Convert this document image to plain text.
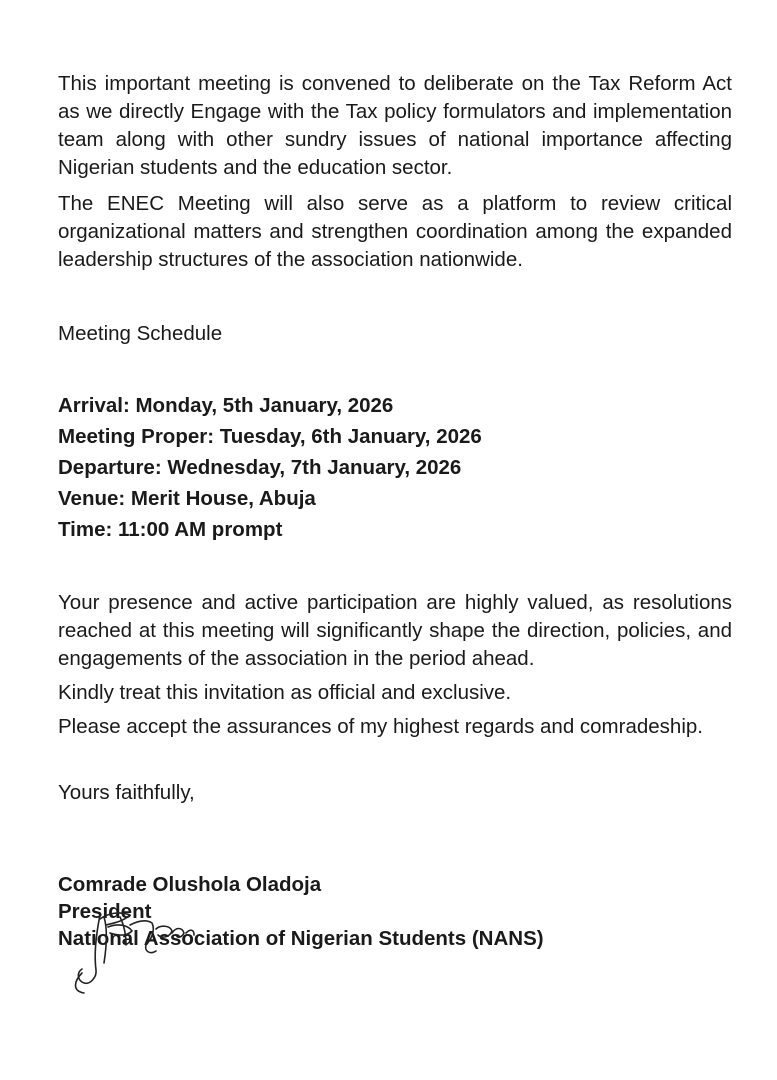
This important meeting is convened to deliberate on the Tax Reform Act as we directly Engage with the Tax policy formulators and implementation team along with other sundry issues of national importance affecting Nigerian students and the education sector.

The ENEC Meeting will also serve as a platform to review critical organizational matters and strengthen coordination among the expanded leadership structures of the association nationwide.

Meeting Schedule

Arrival: Monday, 5th January, 2026
Meeting Proper: Tuesday, 6th January, 2026
Departure: Wednesday, 7th January, 2026
Venue: Merit House, Abuja
Time: 11:00 AM prompt

Your presence and active participation are highly valued, as resolutions reached at this meeting will significantly shape the direction, policies, and engagements of the association in the period ahead.

Kindly treat this invitation as official and exclusive.

Please accept the assurances of my highest regards and comradeship.

Yours faithfully,

Comrade Olushola Oladoja
President
National Association of Nigerian Students (NANS)
